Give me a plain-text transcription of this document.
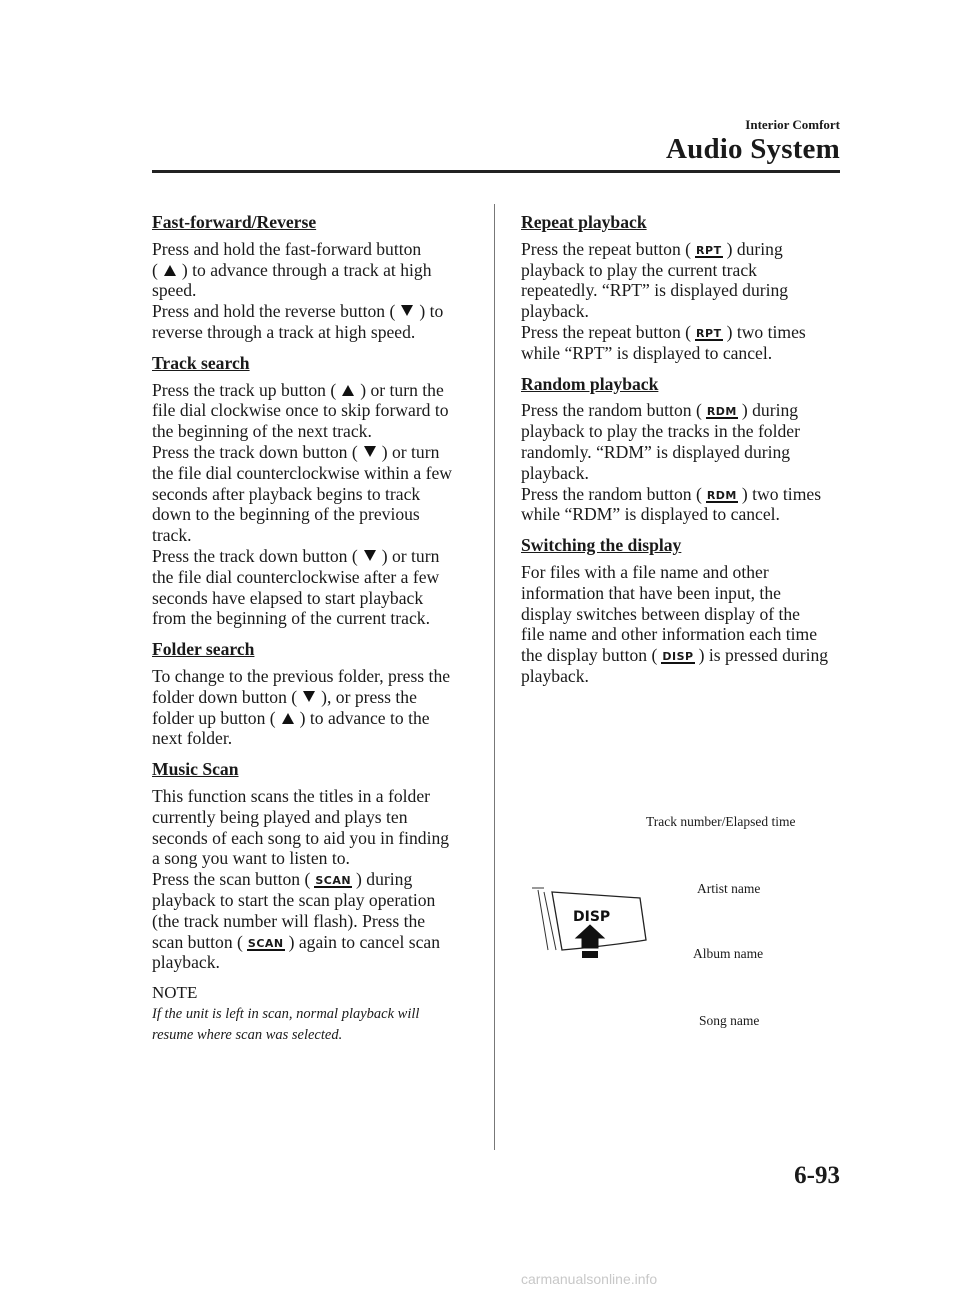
Interior Comfort
Audio System
Fast-forward/Reverse
Press and hold the fast-forward button
( ) to advance through a track at high
speed.
Press and hold the reverse button ( ) to
reverse through a track at high speed.
Track search
Press the track up button ( ) or turn the
file dial clockwise once to skip forward to
the beginning of the next track.
Press the track down button ( ) or turn
the file dial counterclockwise within a few
seconds after playback begins to track
down to the beginning of the previous
track.
Press the track down button ( ) or turn
the file dial counterclockwise after a few
seconds have elapsed to start playback
from the beginning of the current track.
Folder search
To change to the previous folder, press the
folder down button ( ), or press the
folder up button ( ) to advance to the
next folder.
Music Scan
This function scans the titles in a folder
currently being played and plays ten
seconds of each song to aid you in finding
a song you want to listen to.
Press the scan button ( SCAN ) during
playback to start the scan play operation
(the track number will flash). Press the
scan button ( SCAN ) again to cancel scan
playback.
NOTE
If the unit is left in scan, normal playback will
resume where scan was selected.
Repeat playback
Press the repeat button ( RPT ) during
playback to play the current track
repeatedly. “RPT” is displayed during
playback.
Press the repeat button ( RPT ) two times
while “RPT” is displayed to cancel.
Random playback
Press the random button ( RDM ) during
playback to play the tracks in the folder
randomly. “RDM” is displayed during
playback.
Press the random button ( RDM ) two times
while “RDM” is displayed to cancel.
Switching the display
For files with a file name and other
information that have been input, the
display switches between display of the
file name and other information each time
the display button ( DISP ) is pressed during
playback.
DISP
Track number/Elapsed time
Artist name
Album name
Song name
6-93
carmanualsonline.info
